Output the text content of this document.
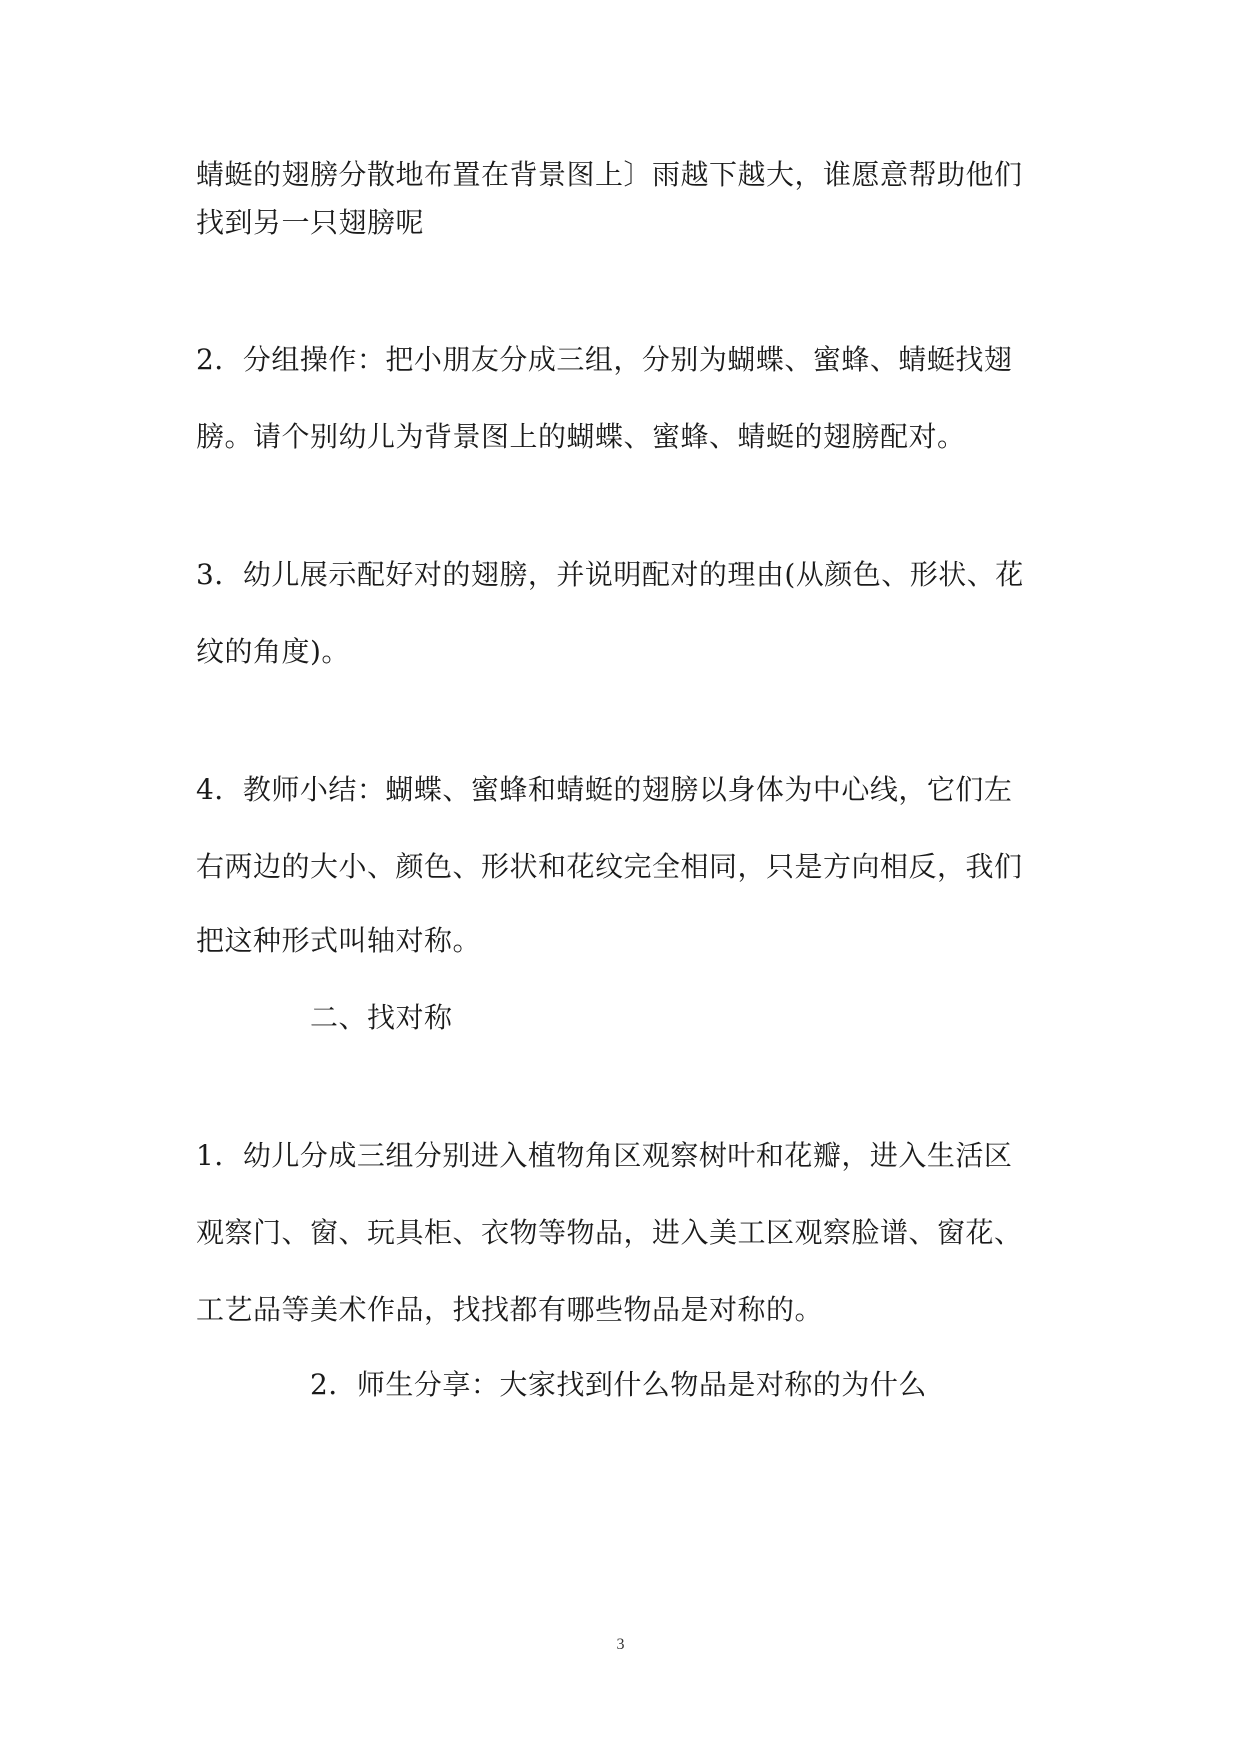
蜻蜓的翅膀分散地布置在背景图上〕雨越下越大，谁愿意帮助他们
找到另一只翅膀呢
2．分组操作：把小朋友分成三组，分别为蝴蝶、蜜蜂、蜻蜓找翅
膀。请个别幼儿为背景图上的蝴蝶、蜜蜂、蜻蜓的翅膀配对。
3．幼儿展示配好对的翅膀，并说明配对的理由(从颜色、形状、花
纹的角度)。
4．教师小结：蝴蝶、蜜蜂和蜻蜓的翅膀以身体为中心线，它们左
右两边的大小、颜色、形状和花纹完全相同，只是方向相反，我们
把这种形式叫轴对称。
二、找对称
1．幼儿分成三组分别进入植物角区观察树叶和花瓣，进入生活区
观察门、窗、玩具柜、衣物等物品，进入美工区观察脸谱、窗花、
工艺品等美术作品，找找都有哪些物品是对称的。
2．师生分享：大家找到什么物品是对称的为什么
3
